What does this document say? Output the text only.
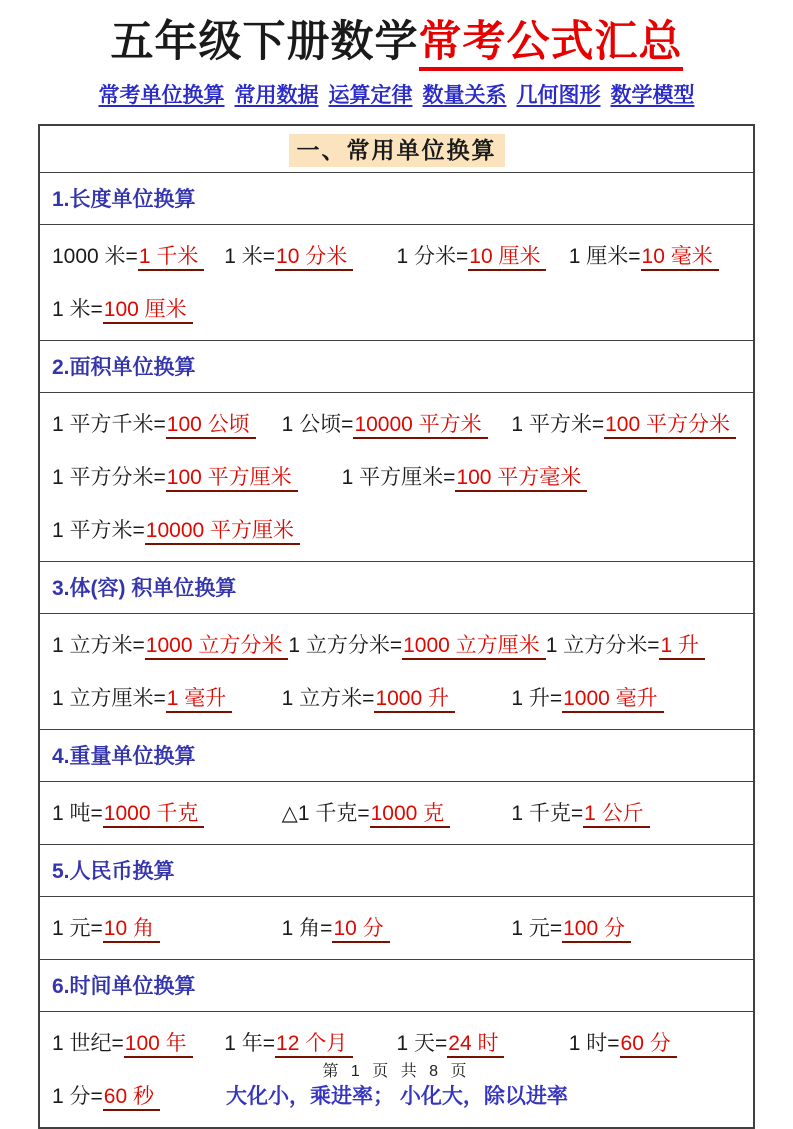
五年级下册数学常考公式汇总
常考单位换算 常用数据 运算定律 数量关系 几何图形 数学模型
一、常用单位换算
1.长度单位换算
1000 米=1 千米	1 米=10 分米	1 分米=10 厘米	1 厘米=10 毫米
1 米=100 厘米
2.面积单位换算
1 平方千米=100 公顷	1 公顷=10000 平方米	1 平方米=100 平方分米
1 平方分米=100 平方厘米 1 平方厘米=100 平方毫米
1 平方米=10000 平方厘米
3.体(容) 积单位换算
1 立方米=1000 立方分米 1 立方分米=1000 立方厘米 1 立方分米=1 升
1 立方厘米=1 毫升	1 立方米=1000 升	1 升=1000 毫升
4.重量单位换算
1 吨=1000 千克	△1 千克=1000 克	1 千克=1 公斤
5.人民币换算
1 元=10 角	1 角=10 分	1 元=100 分
6.时间单位换算
1 世纪=100 年	1 年=12 个月	1 天=24 时	1 时=60 分
1 分=60 秒	大化小，乘进率； 小化大，除以进率
第 1 页 共 8 页
